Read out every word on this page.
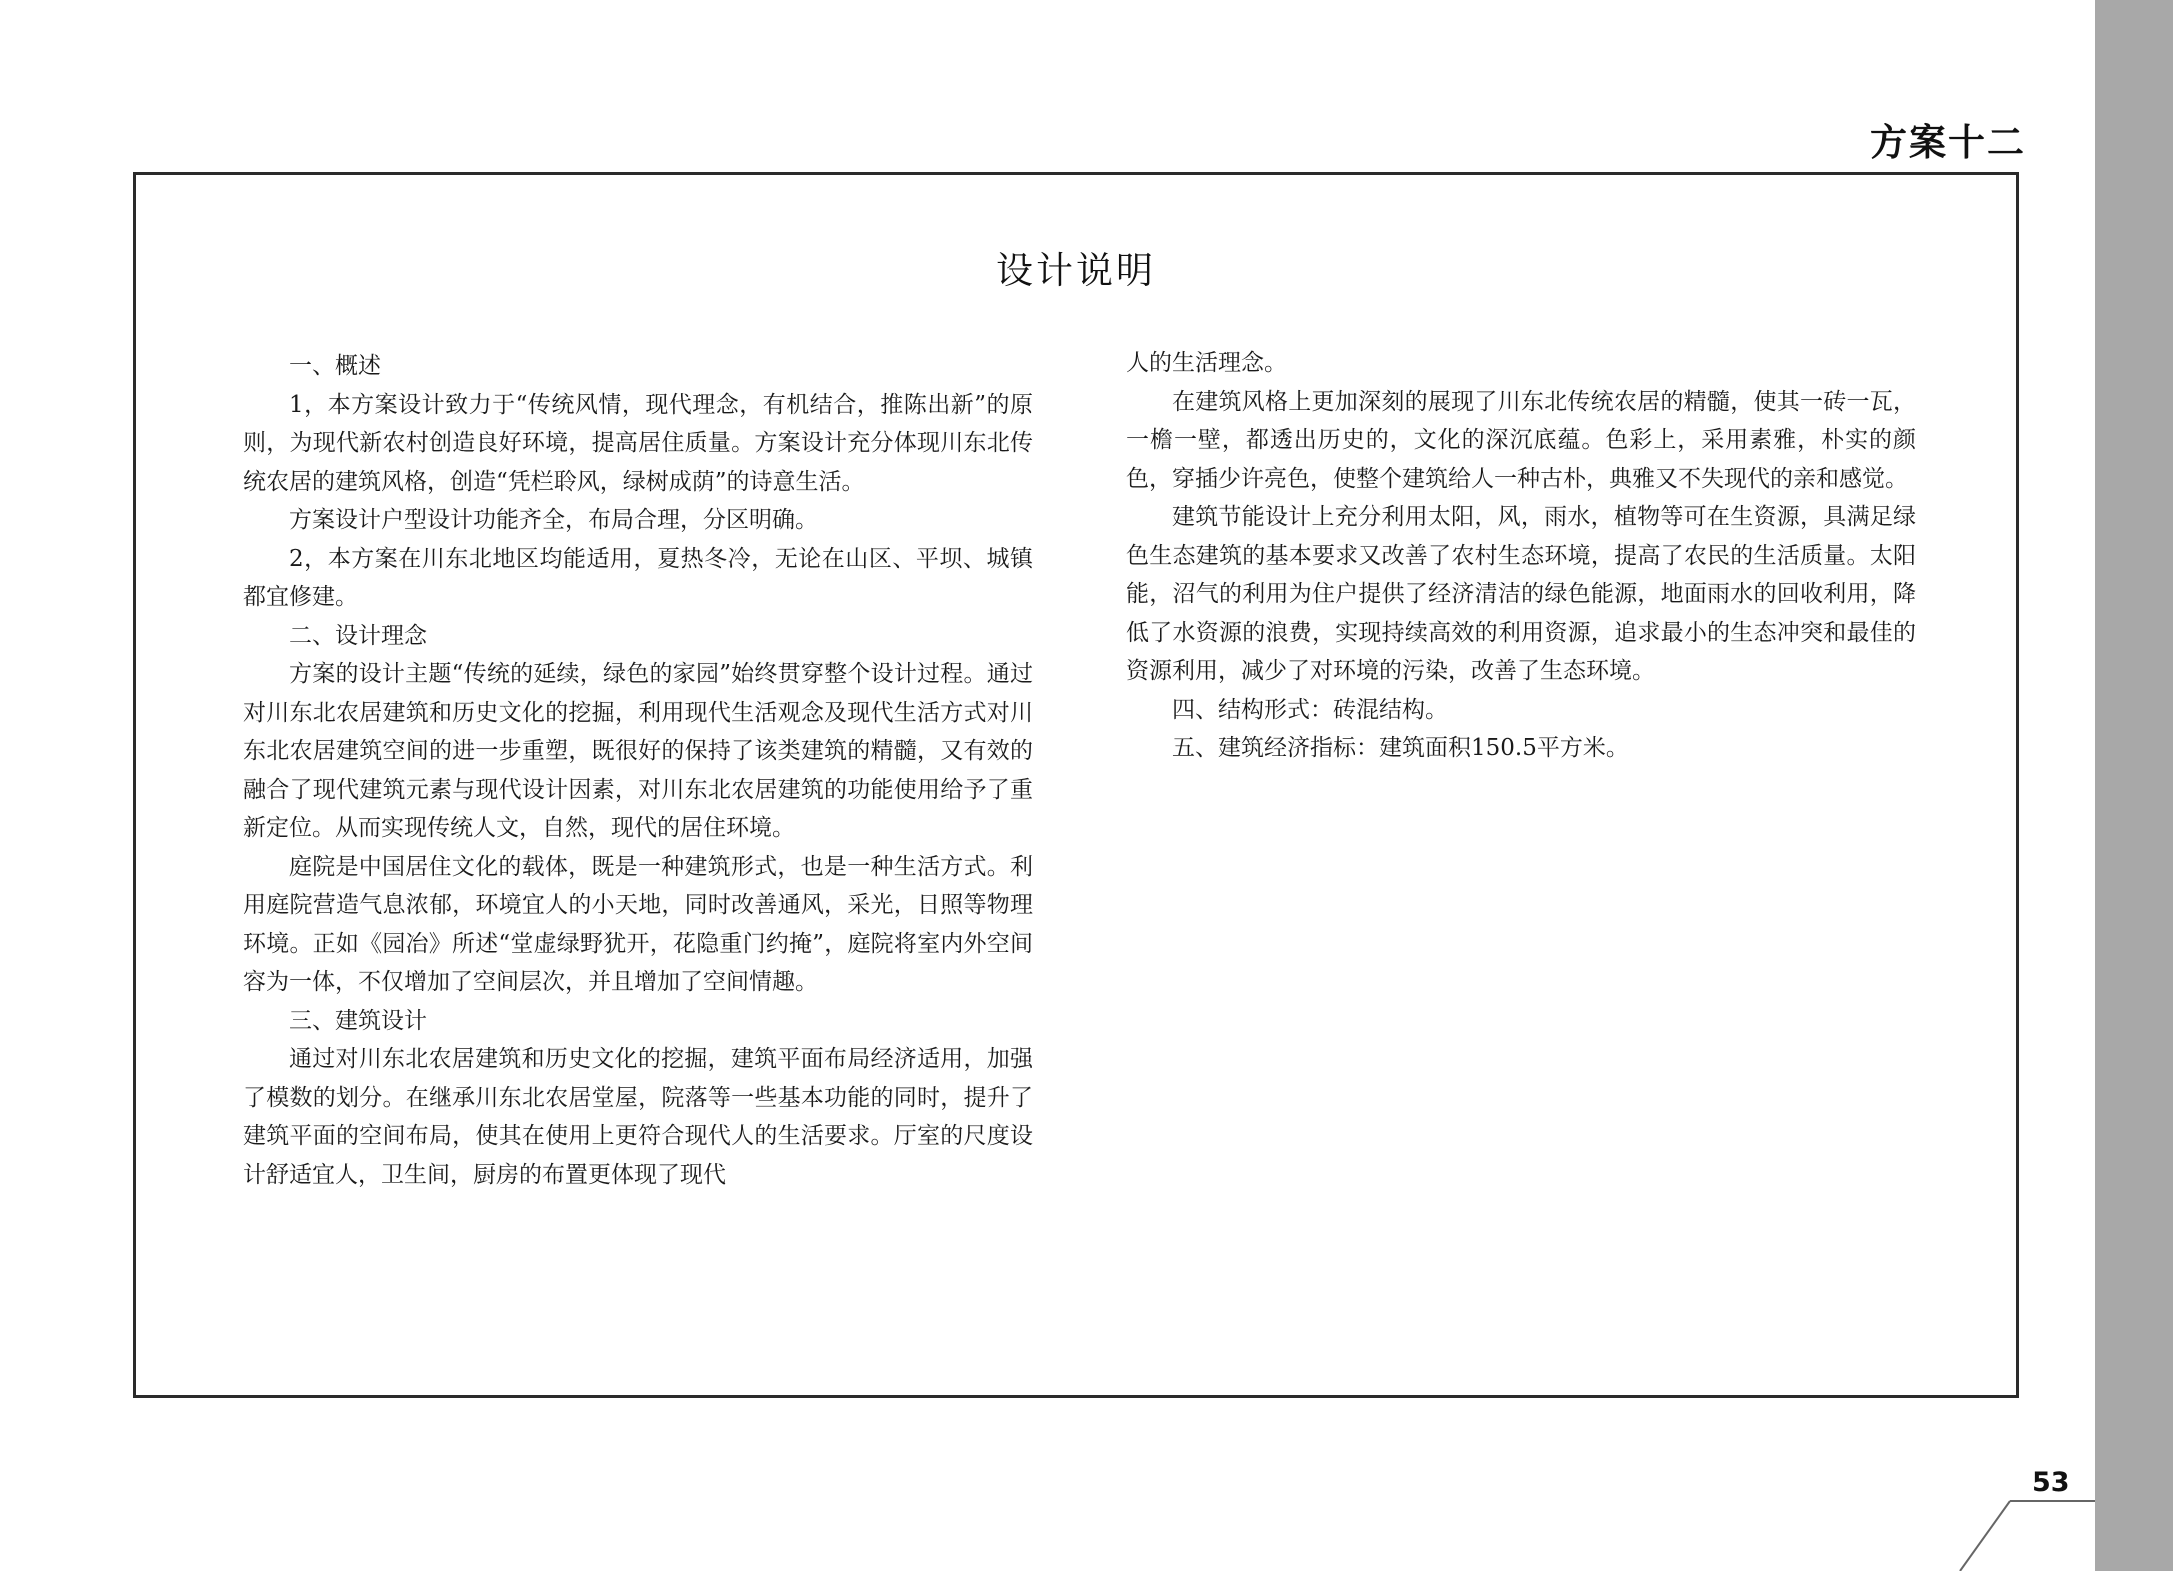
方案十二
设计说明

一、概述

1，本方案设计致力于“传统风情，现代理念，有机结合，推陈出新”的原则，为现代新农村创造良好环境，提高居住质量。方案设计充分体现川东北传统农居的建筑风格，创造“凭栏聆风，绿树成荫”的诗意生活。

方案设计户型设计功能齐全，布局合理，分区明确。

2，本方案在川东北地区均能适用，夏热冬冷，无论在山区、平坝、城镇都宜修建。

二、设计理念

方案的设计主题“传统的延续，绿色的家园”始终贯穿整个设计过程。通过对川东北农居建筑和历史文化的挖掘，利用现代生活观念及现代生活方式对川东北农居建筑空间的进一步重塑，既很好的保持了该类建筑的精髓，又有效的融合了现代建筑元素与现代设计因素，对川东北农居建筑的功能使用给予了重新定位。从而实现传统人文，自然，现代的居住环境。

庭院是中国居住文化的载体，既是一种建筑形式，也是一种生活方式。利用庭院营造气息浓郁，环境宜人的小天地，同时改善通风，采光，日照等物理环境。正如《园冶》所述“堂虚绿野犹开，花隐重门约掩”，庭院将室内外空间容为一体，不仅增加了空间层次，并且增加了空间情趣。

三、建筑设计

通过对川东北农居建筑和历史文化的挖掘，建筑平面布局经济适用，加强了模数的划分。在继承川东北农居堂屋，院落等一些基本功能的同时，提升了建筑平面的空间布局，使其在使用上更符合现代人的生活要求。厅室的尺度设计舒适宜人，卫生间，厨房的布置更体现了现代

人的生活理念。

在建筑风格上更加深刻的展现了川东北传统农居的精髓，使其一砖一瓦，一檐一壁，都透出历史的，文化的深沉底蕴。色彩上，采用素雅，朴实的颜色，穿插少许亮色，使整个建筑给人一种古朴，典雅又不失现代的亲和感觉。

建筑节能设计上充分利用太阳，风，雨水，植物等可在生资源，具满足绿色生态建筑的基本要求又改善了农村生态环境，提高了农民的生活质量。太阳能，沼气的利用为住户提供了经济清洁的绿色能源，地面雨水的回收利用，降低了水资源的浪费，实现持续高效的利用资源，追求最小的生态冲突和最佳的资源利用，减少了对环境的污染，改善了生态环境。

四、结构形式：砖混结构。

五、建筑经济指标：建筑面积150.5平方米。

53
